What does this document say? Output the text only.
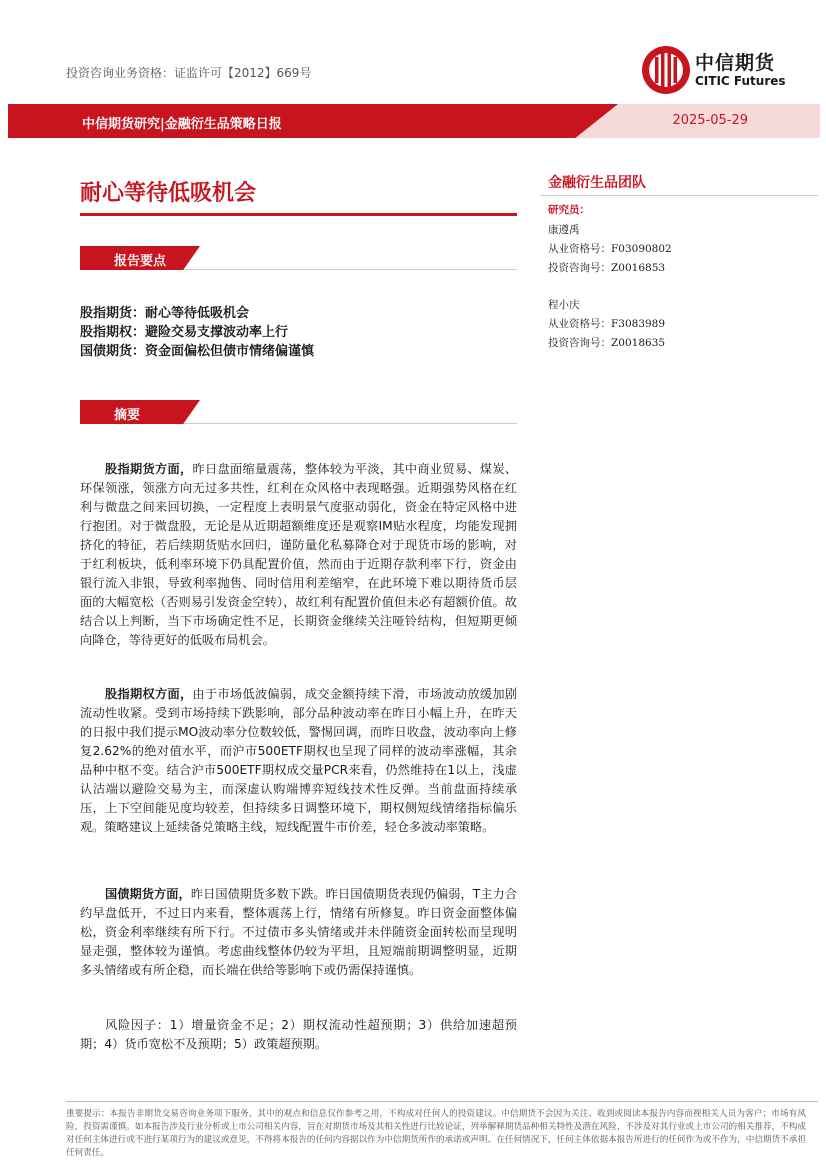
投资咨询业务资格：证监许可【2012】669号	中信期货
CITIC Futures
中信期货研究|金融衍生品策略日报	2025-05-29
耐心等待低吸机会
报告要点
股指期货：耐心等待低吸机会
股指期权：避险交易支撑波动率上行
国债期货：资金面偏松但债市情绪偏谨慎
摘要

股指期货方面，昨日盘面缩量震荡，整体较为平淡，其中商业贸易、煤炭、环保领涨，领涨方向无过多共性，红利在众风格中表现略强。近期强势风格在红利与微盘之间来回切换，一定程度上表明景气度驱动弱化，资金在特定风格中进行抱团。对于微盘股，无论是从近期超额维度还是观察IM贴水程度，均能发现拥挤化的特征，若后续期货贴水回归，谨防量化私募降仓对于现货市场的影响，对于红利板块，低利率环境下仍具配置价值，然而由于近期存款利率下行，资金由银行流入非银，导致利率抛售、同时信用利差缩窄，在此环境下难以期待货币层面的大幅宽松（否则易引发资金空转），故红利有配置价值但未必有超额价值。故结合以上判断，当下市场确定性不足，长期资金继续关注哑铃结构，但短期更倾向降仓，等待更好的低吸布局机会。

股指期权方面，由于市场低波偏弱，成交金额持续下滑，市场波动放缓加剧流动性收紧。受到市场持续下跌影响，部分品种波动率在昨日小幅上升，在昨天的日报中我们提示MO波动率分位数较低，警惕回调，而昨日收盘，波动率向上修复2.62%的绝对值水平，而沪市500ETF期权也呈现了同样的波动率涨幅，其余品种中枢不变。结合沪市500ETF期权成交量PCR来看，仍然维持在1以上，浅虚认沽端以避险交易为主，而深虚认购端博弈短线技术性反弹。当前盘面持续承压，上下空间能见度均较差，但持续多日调整环境下，期权侧短线情绪指标偏乐观。策略建议上延续备兑策略主线，短线配置牛市价差，轻仓多波动率策略。

国债期货方面，昨日国债期货多数下跌。昨日国债期货表现仍偏弱，T主力合约早盘低开，不过日内来看，整体震荡上行，情绪有所修复。昨日资金面整体偏松，资金利率继续有所下行。不过债市多头情绪或并未伴随资金面转松而呈现明显走强，整体较为谨慎。考虑曲线整体仍较为平坦，且短端前期调整明显，近期多头情绪或有所企稳，而长端在供给等影响下或仍需保持谨慎。

风险因子：1）增量资金不足；2）期权流动性超预期；3）供给加速超预期；4）货币宽松不及预期；5）政策超预期。

金融衍生品团队
研究员：
康遵禹
从业资格号：F03090802
投资咨询号：Z0016853
程小庆
从业资格号：F3083989
投资咨询号：Z0018635
重要提示：本报告非期货交易咨询业务项下服务，其中的观点和信息仅作参考之用，不构成对任何人的投资建议。中信期货不会因为关注、收到或阅读本报告内容而视相关人员为客户；市场有风险，投资需谨慎。如本报告涉及行业分析或上市公司相关内容，旨在对期货市场及其相关性进行比较论证，列举解释期货品种相关特性及潜在风险，不涉及对其行业或上市公司的相关推荐，不构成对任何主体进行或不进行某项行为的建议或意见，不得将本报告的任何内容据以作为中信期货所作的承诺或声明。在任何情况下，任何主体依据本报告所进行的任何作为或不作为，中信期货不承担任何责任。
